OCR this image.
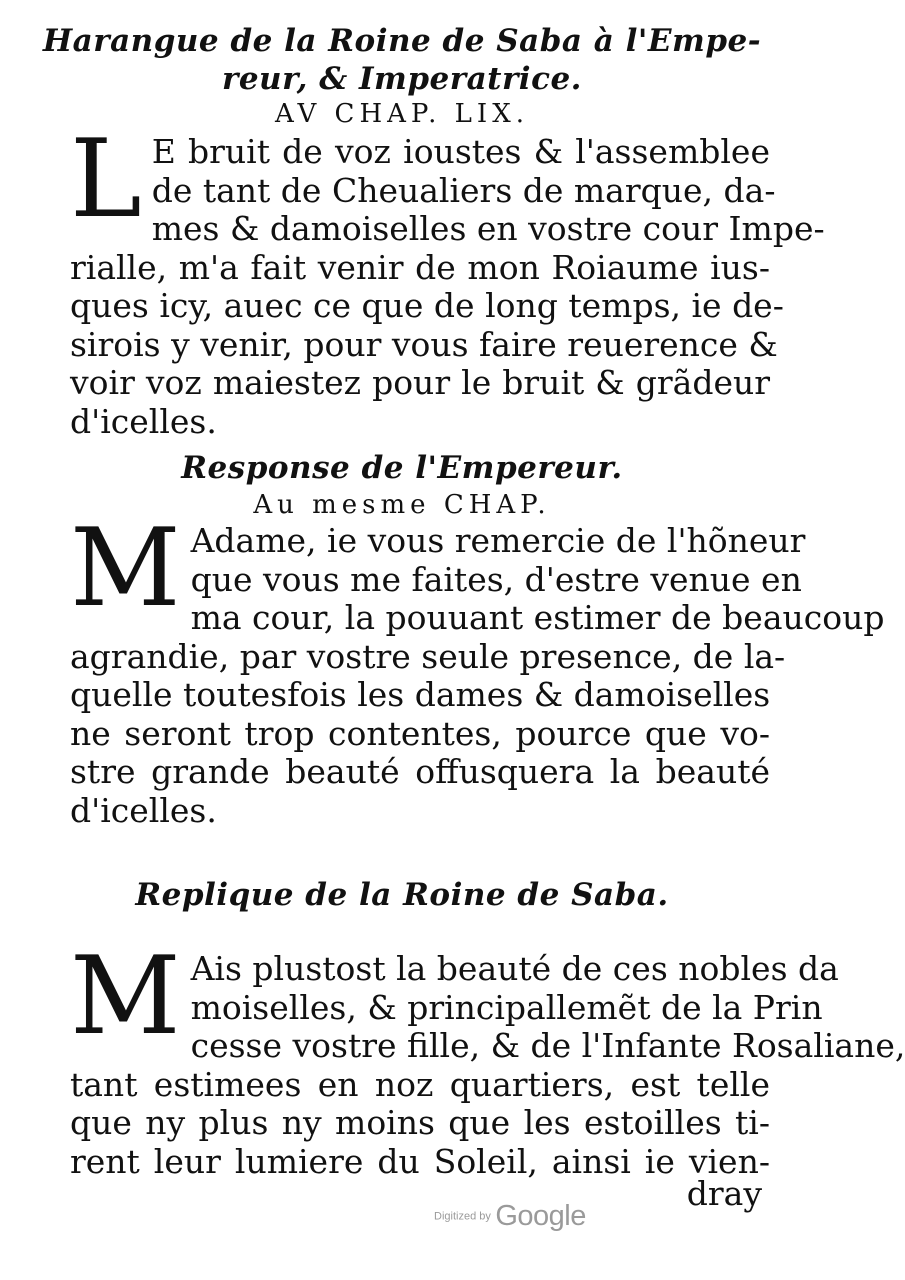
Harangue de la Roine de Saba à l'Empe-
reur, & Imperatrice.
AV CHAP. LIX.
L E bruit de voz ioustes & l'assemblee
de tant de Cheualiers de marque, da-
mes & damoiselles en vostre cour Impe-
rialle, m'a fait venir de mon Roiaume ius-
ques icy, auec ce que de long temps, ie de-
sirois y venir, pour vous faire reuerence &
voir voz maiestez pour le bruit & grãdeur
d'icelles.
Response de l'Empereur.
Au mesme CHAP.
M Adame, ie vous remercie de l'hõneur
que vous me faites, d'estre venue en
ma cour, la pouuant estimer de beaucoup
agrandie, par vostre seule presence, de la-
quelle toutesfois les dames & damoiselles
ne seront trop contentes, pource que vo-
stre grande beauté offusquera la beauté
d'icelles.
Replique de la Roine de Saba.
M Ais plustost la beauté de ces nobles da
moiselles, & principallemẽt de la Prin
cesse vostre fille, & de l'Infante Rosaliane,
tant estimees en noz quartiers, est telle
que ny plus ny moins que les estoilles ti-
rent leur lumiere du Soleil, ainsi ie vien-
dray
Digitized by Google
